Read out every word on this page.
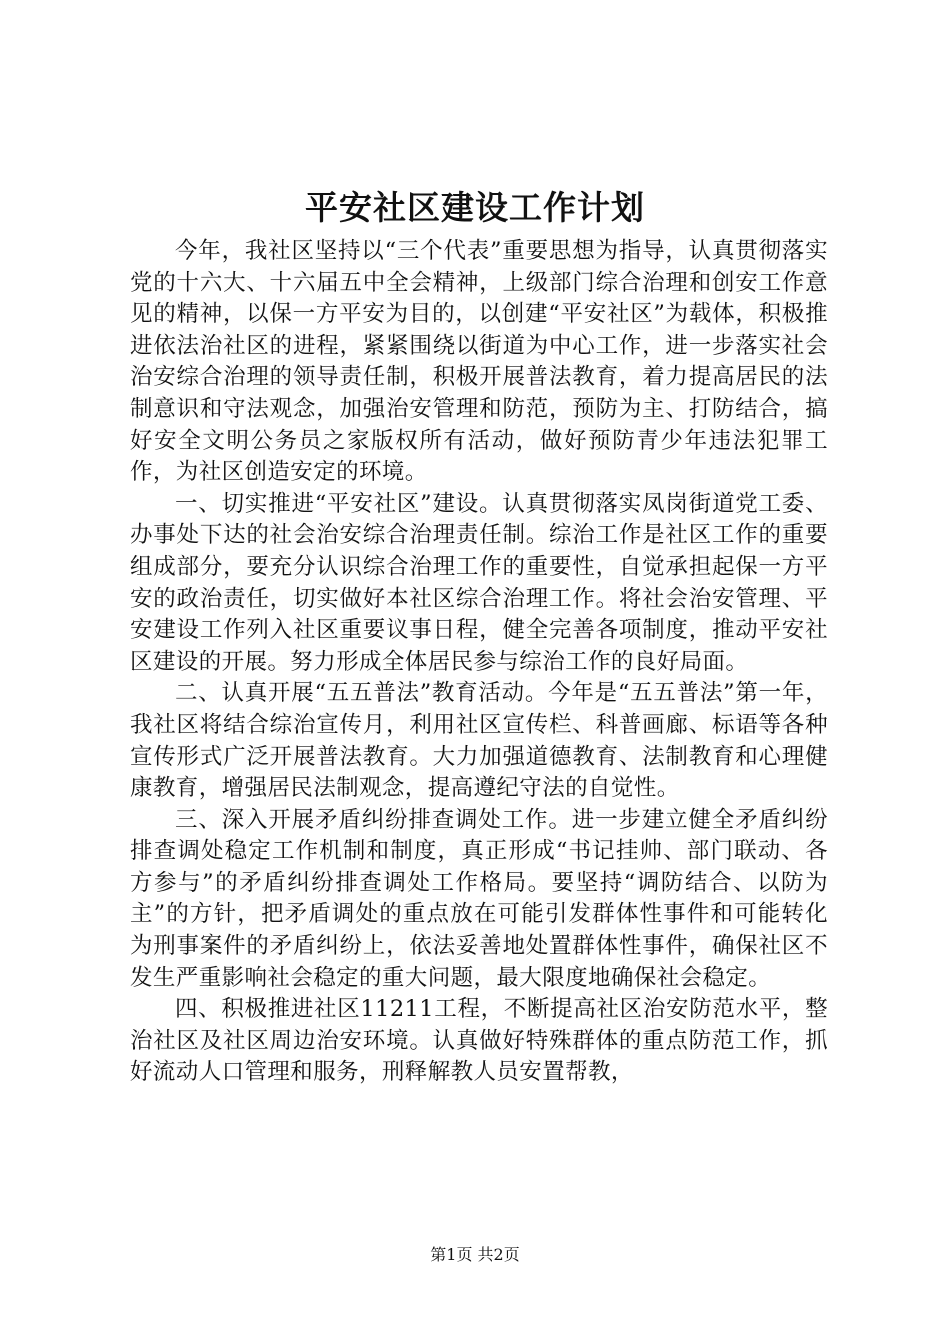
平安社区建设工作计划

今年，我社区坚持以“三个代表”重要思想为指导，认真贯彻落实党的十六大、十六届五中全会精神，上级部门综合治理和创安工作意见的精神，以保一方平安为目的，以创建“平安社区”为载体，积极推进依法治社区的进程，紧紧围绕以街道为中心工作，进一步落实社会治安综合治理的领导责任制，积极开展普法教育，着力提高居民的法制意识和守法观念，加强治安管理和防范，预防为主、打防结合，搞好安全文明公务员之家版权所有活动，做好预防青少年违法犯罪工作，为社区创造安定的环境。

一、切实推进“平安社区”建设。认真贯彻落实凤岗街道党工委、办事处下达的社会治安综合治理责任制。综治工作是社区工作的重要组成部分，要充分认识综合治理工作的重要性，自觉承担起保一方平安的政治责任，切实做好本社区综合治理工作。将社会治安管理、平安建设工作列入社区重要议事日程，健全完善各项制度，推动平安社区建设的开展。努力形成全体居民参与综治工作的良好局面。

二、认真开展“五五普法”教育活动。今年是“五五普法”第一年，我社区将结合综治宣传月，利用社区宣传栏、科普画廊、标语等各种宣传形式广泛开展普法教育。大力加强道德教育、法制教育和心理健康教育，增强居民法制观念，提高遵纪守法的自觉性。

三、深入开展矛盾纠纷排查调处工作。进一步建立健全矛盾纠纷排查调处稳定工作机制和制度，真正形成“书记挂帅、部门联动、各方参与”的矛盾纠纷排查调处工作格局。要坚持“调防结合、以防为主”的方针，把矛盾调处的重点放在可能引发群体性事件和可能转化为刑事案件的矛盾纠纷上，依法妥善地处置群体性事件，确保社区不发生严重影响社会稳定的重大问题，最大限度地确保社会稳定。

四、积极推进社区11211工程，不断提高社区治安防范水平，整治社区及社区周边治安环境。认真做好特殊群体的重点防范工作，抓好流动人口管理和服务，刑释解教人员安置帮教，

第1页 共2页
